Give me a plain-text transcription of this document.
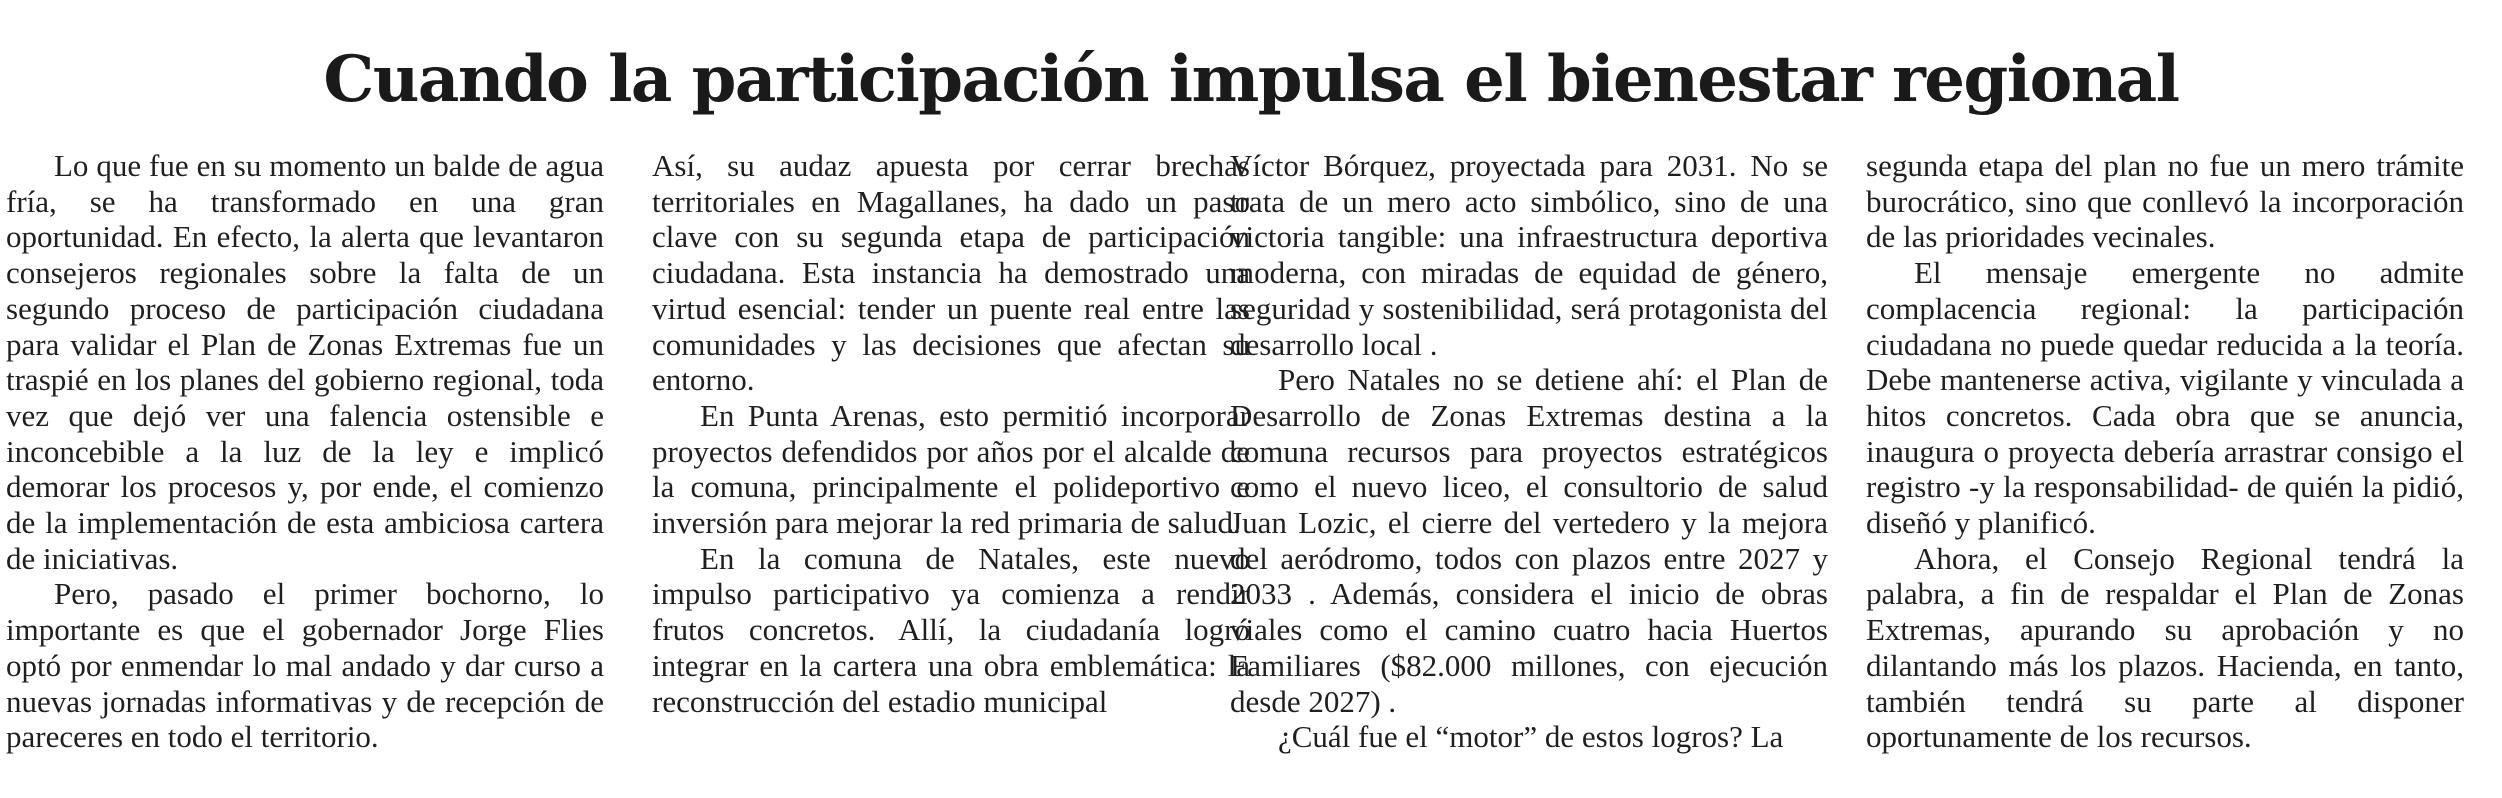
Cuando la participación impulsa el bienestar regional

Lo que fue en su momento un balde de agua fría, se ha transformado en una gran oportunidad. En efecto, la alerta que levantaron consejeros regionales sobre la falta de un segundo proceso de participación ciudadana para validar el Plan de Zonas Extremas fue un traspié en los planes del gobierno regional, toda vez que dejó ver una falencia ostensible e inconcebible a la luz de la ley e implicó demorar los procesos y, por ende, el comienzo de la implementación de esta ambiciosa cartera de iniciativas.

Pero, pasado el primer bochorno, lo importante es que el gobernador Jorge Flies optó por enmendar lo mal andado y dar curso a nuevas jornadas informativas y de recepción de pareceres en todo el territorio.

Así, su audaz apuesta por cerrar brechas territoriales en Magallanes, ha dado un paso clave con su segunda etapa de participación ciudadana. Esta instancia ha demostrado una virtud esencial: tender un puente real entre las comunidades y las decisiones que afectan su entorno.

En Punta Arenas, esto permitió incorporar proyectos defendidos por años por el alcalde de la comuna, principalmente el polideportivo e inversión para mejorar la red primaria de salud.

En la comuna de Natales, este nuevo impulso participativo ya comienza a rendir frutos concretos. Allí, la ciudadanía logró integrar en la cartera una obra emblemática: la reconstrucción del estadio municipal

Víctor Bórquez, proyectada para 2031. No se trata de un mero acto simbólico, sino de una victoria tangible: una infraestructura deportiva moderna, con miradas de equidad de género, seguridad y sostenibilidad, será protagonista del desarrollo local .

Pero Natales no se detiene ahí: el Plan de Desarrollo de Zonas Extremas destina a la comuna recursos para proyectos estratégicos como el nuevo liceo, el consultorio de salud Juan Lozic, el cierre del vertedero y la mejora del aeródromo, todos con plazos entre 2027 y 2033 . Además, considera el inicio de obras viales como el camino cuatro hacia Huertos Familiares ($82.000 millones, con ejecución desde 2027) .

¿Cuál fue el “motor” de estos logros? La

segunda etapa del plan no fue un mero trámite burocrático, sino que conllevó la incorporación de las prioridades vecinales.

El mensaje emergente no admite complacencia regional: la participación ciudadana no puede quedar reducida a la teoría. Debe mantenerse activa, vigilante y vinculada a hitos concretos. Cada obra que se anuncia, inaugura o proyecta debería arrastrar consigo el registro -y la responsabilidad- de quién la pidió, diseñó y planificó.

Ahora, el Consejo Regional tendrá la palabra, a fin de respaldar el Plan de Zonas Extremas, apurando su aprobación y no dilantando más los plazos. Hacienda, en tanto, también tendrá su parte al disponer oportunamente de los recursos.
